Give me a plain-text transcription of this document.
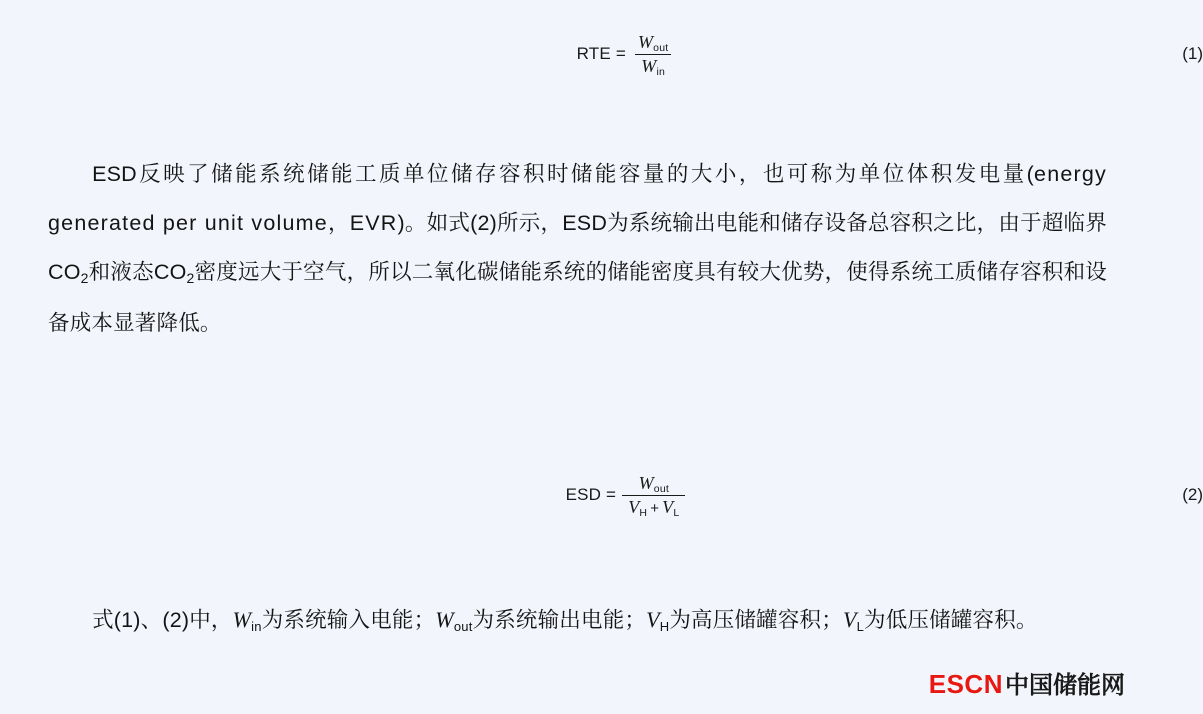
RTE = $\frac{W_{out}}{W_{in}}$	(1)
ESD反映了储能系统储能工质单位储存容积时储能容量的大小，也可称为单位体积发电量(energy generated per unit volume，EVR)。如式(2)所示，ESD为系统输出电能和储存设备总容积之比，由于超临界CO2和液态CO2密度远大于空气，所以二氧化碳储能系统的储能密度具有较大优势，使得系统工质储存容积和设备成本显著降低。
ESD = $\frac{W_{out}}{V_H + V_L}$	(2)
式(1)、(2)中，$W_{in}$为系统输入电能；$W_{out}$为系统输出电能；$V_H$为高压储罐容积；$V_L$为低压储罐容积。
ESCN 中国储能网
